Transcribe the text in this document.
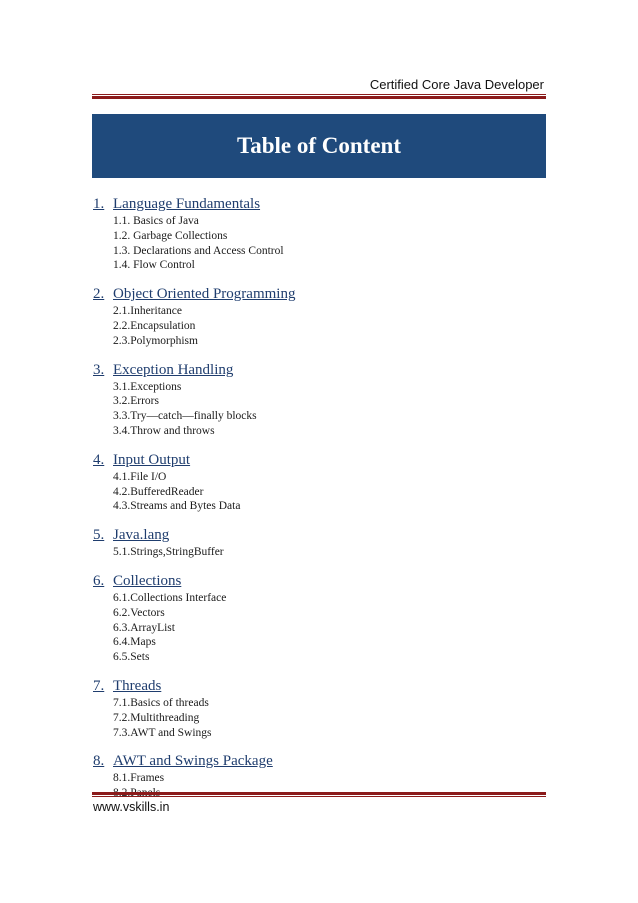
Certified Core Java Developer
Table of Content
1. Language Fundamentals
1.1. Basics of Java
1.2. Garbage Collections
1.3. Declarations and Access Control
1.4. Flow Control
2. Object Oriented Programming
2.1.Inheritance
2.2.Encapsulation
2.3.Polymorphism
3. Exception Handling
3.1.Exceptions
3.2.Errors
3.3.Try—catch—finally blocks
3.4.Throw and throws
4. Input Output
4.1.File I/O
4.2.BufferedReader
4.3.Streams and Bytes Data
5. Java.lang
5.1.Strings,StringBuffer
6. Collections
6.1.Collections Interface
6.2.Vectors
6.3.ArrayList
6.4.Maps
6.5.Sets
7. Threads
7.1.Basics of threads
7.2.Multithreading
7.3.AWT and Swings
8. AWT and Swings Package
8.1.Frames
www.vskills.in
